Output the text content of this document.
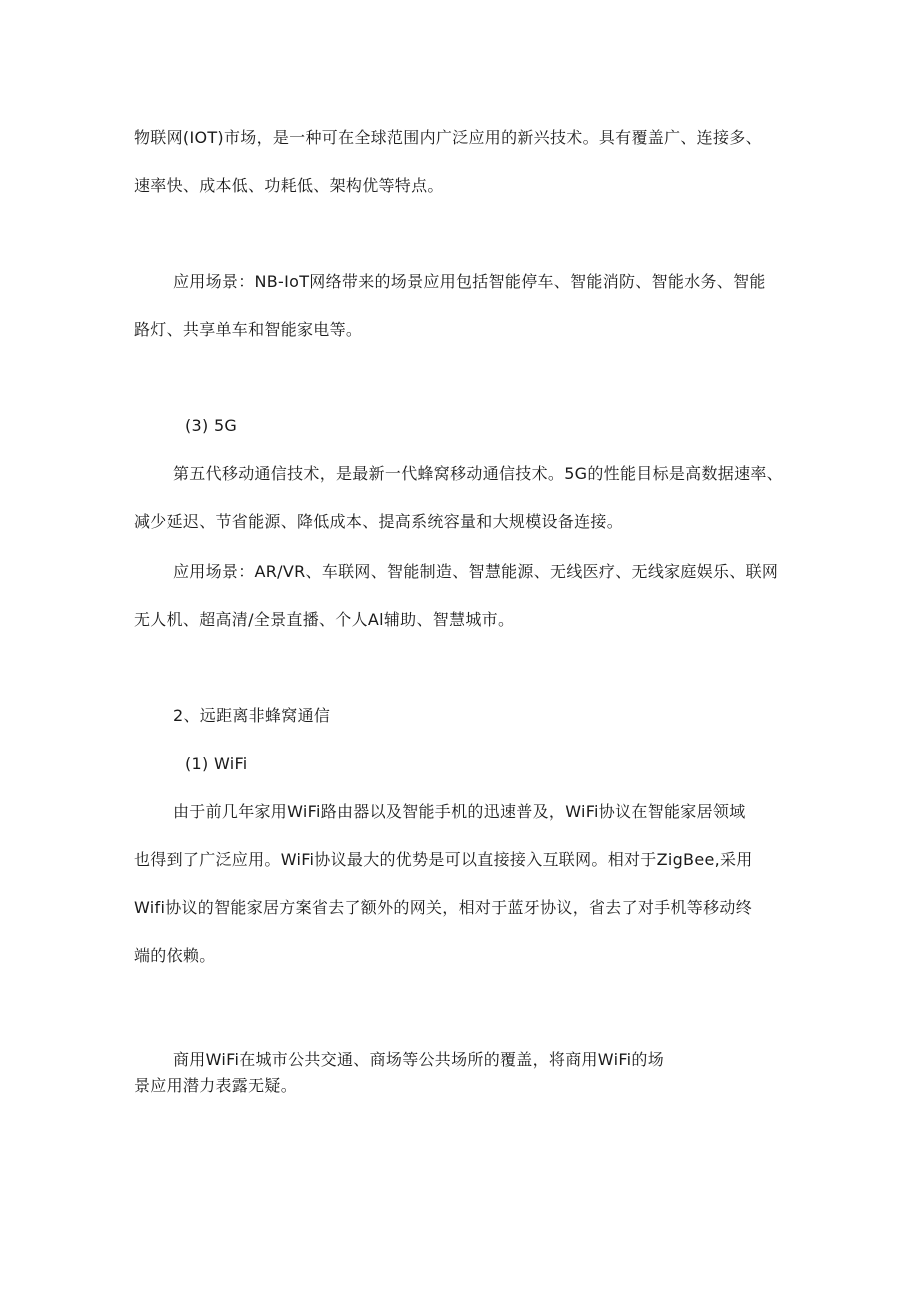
物联网(IOT)市场，是一种可在全球范围内广泛应用的新兴技术。具有覆盖广、连接多、
速率快、成本低、功耗低、架构优等特点。
应用场景：NB-IoT网络带来的场景应用包括智能停车、智能消防、智能水务、智能
路灯、共享单车和智能家电等。
(3) 5G
第五代移动通信技术，是最新一代蜂窝移动通信技术。5G的性能目标是高数据速率、
减少延迟、节省能源、降低成本、提高系统容量和大规模设备连接。
应用场景：AR/VR、车联网、智能制造、智慧能源、无线医疗、无线家庭娱乐、联网
无人机、超高清/全景直播、个人Al辅助、智慧城市。
2、远距离非蜂窝通信
(1) WiFi
由于前几年家用WiFi路由器以及智能手机的迅速普及，WiFi协议在智能家居领域
也得到了广泛应用。WiFi协议最大的优势是可以直接接入互联网。相对于ZigBee,采用
Wifi协议的智能家居方案省去了额外的网关，相对于蓝牙协议，省去了对手机等移动终
端的依赖。
商用WiFi在城市公共交通、商场等公共场所的覆盖，将商用WiFi的场
景应用潜力表露无疑。
